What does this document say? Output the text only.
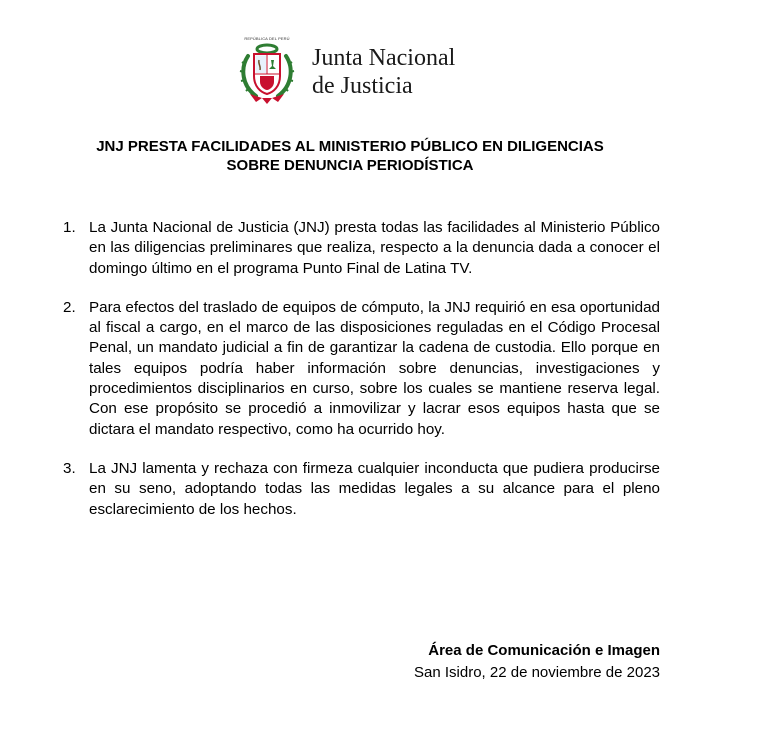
REPÚBLICA DEL PERÚ
Junta Nacional
de Justicia
JNJ PRESTA FACILIDADES AL MINISTERIO PÚBLICO EN DILIGENCIAS
SOBRE DENUNCIA PERIODÍSTICA
1. La Junta Nacional de Justicia (JNJ) presta todas las facilidades al Ministerio Público en las diligencias preliminares que realiza, respecto a la denuncia dada a conocer el domingo último en el programa Punto Final de Latina TV.
2. Para efectos del traslado de equipos de cómputo, la JNJ requirió en esa oportunidad al fiscal a cargo, en el marco de las disposiciones reguladas en el Código Procesal Penal, un mandato judicial a fin de garantizar la cadena de custodia. Ello porque en tales equipos podría haber información sobre denuncias, investigaciones y procedimientos disciplinarios en curso, sobre los cuales se mantiene reserva legal. Con ese propósito se procedió a inmovilizar y lacrar esos equipos hasta que se dictara el mandato respectivo, como ha ocurrido hoy.
3. La JNJ lamenta y rechaza con firmeza cualquier inconducta que pudiera producirse en su seno, adoptando todas las medidas legales a su alcance para el pleno esclarecimiento de los hechos.
Área de Comunicación e Imagen
San Isidro, 22 de noviembre de 2023
